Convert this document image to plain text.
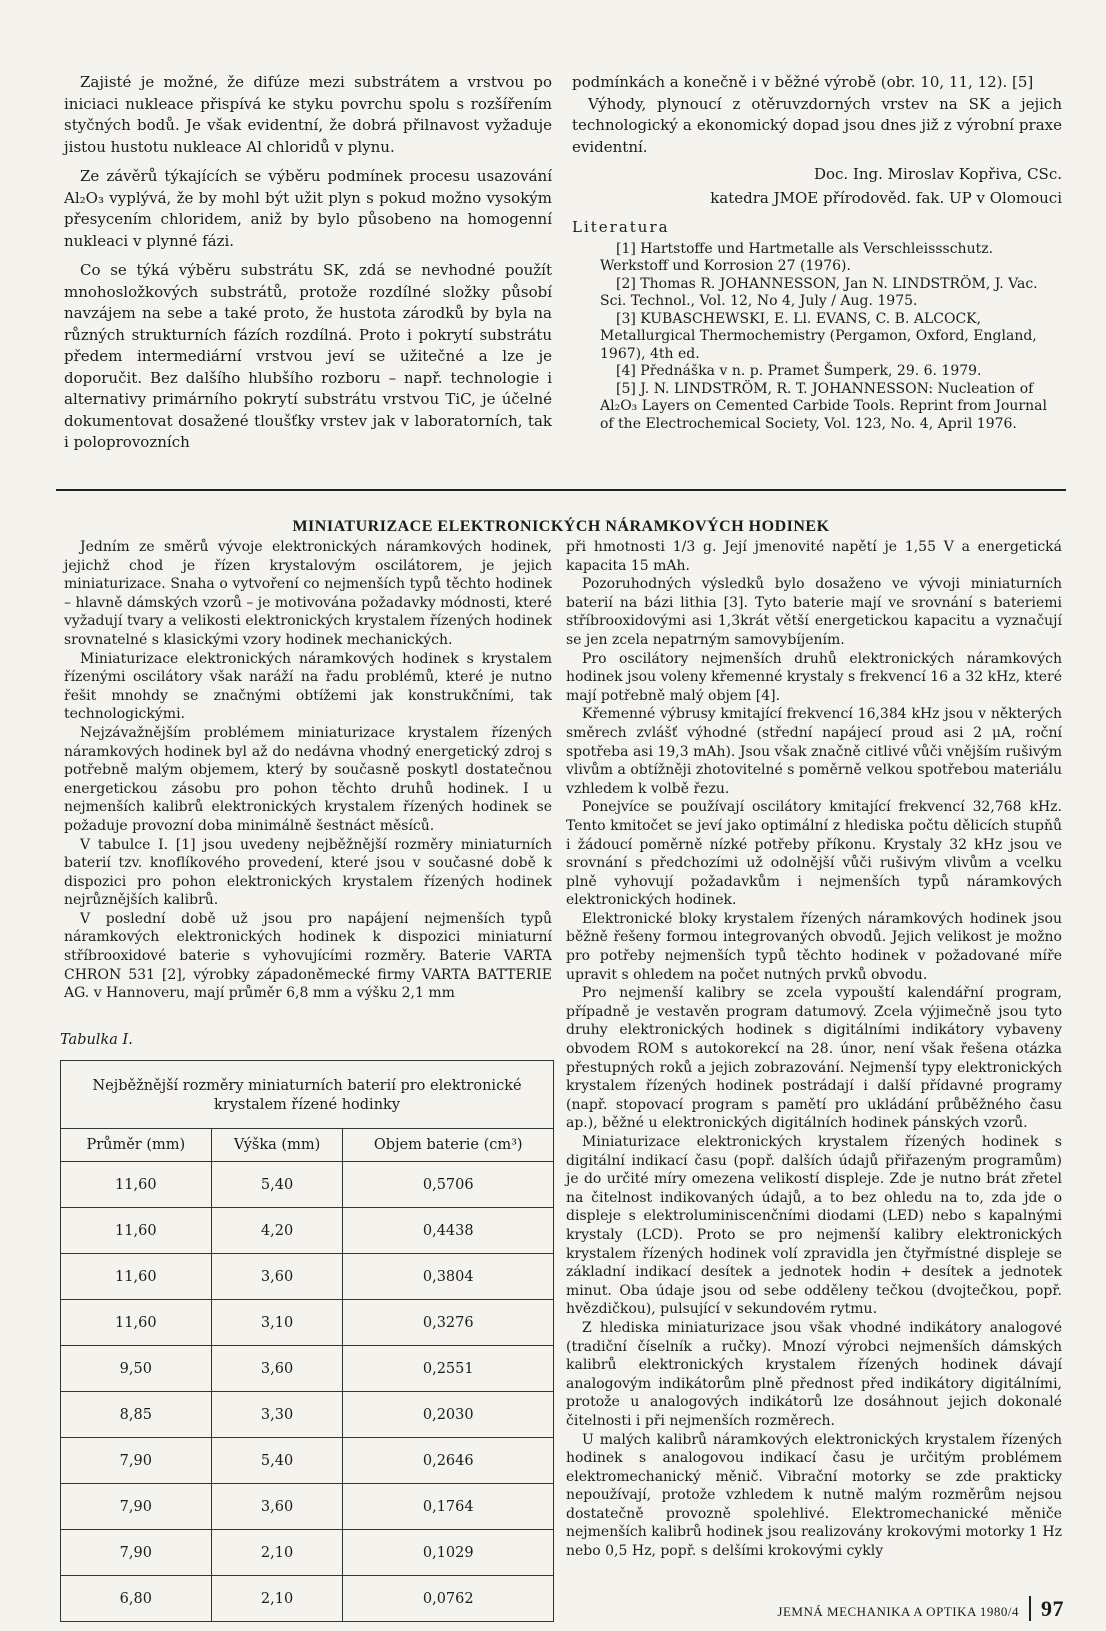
Zajisté je možné, že difúze mezi substrátem a vrstvou po iniciaci nukleace přispívá ke styku povrchu spolu s rozšířením styčných bodů. Je však evidentní, že dobrá přilnavost vyžaduje jistou hustotu nukleace Al chloridů v plynu.

Ze závěrů týkajících se výběru podmínek procesu usazování Al₂O₃ vyplývá, že by mohl být užit plyn s pokud možno vysokým přesycením chloridem, aniž by bylo působeno na homogenní nukleaci v plynné fázi.

Co se týká výběru substrátu SK, zdá se nevhodné použít mnohosložkových substrátů, protože rozdílné složky působí navzájem na sebe a také proto, že hustota zárodků by byla na různých strukturních fázích rozdílná. Proto i pokrytí substrátu předem intermediární vrstvou jeví se užitečné a lze je doporučit. Bez dalšího hlubšího rozboru – např. technologie i alternativy primárního pokrytí substrátu vrstvou TiC, je účelné dokumentovat dosažené tloušťky vrstev jak v laboratorních, tak i poloprovozních

podmínkách a konečně i v běžné výrobě (obr. 10, 11, 12). [5]

Výhody, plynoucí z otěruvzdorných vrstev na SK a jejich technologický a ekonomický dopad jsou dnes již z výrobní praxe evidentní.

Doc. Ing. Miroslav Kopřiva, CSc.
katedra JMOE přírodověd. fak. UP v Olomouci
Literatura

[1] Hartstoffe und Hartmetalle als Verschleissschutz. Werkstoff und Korrosion 27 (1976).

[2] Thomas R. JOHANNESSON, Jan N. LINDSTRÖM, J. Vac. Sci. Technol., Vol. 12, No 4, July / Aug. 1975.

[3] KUBASCHEWSKI, E. Ll. EVANS, C. B. ALCOCK, Metallurgical Thermochemistry (Pergamon, Oxford, England, 1967), 4th ed.

[4] Přednáška v n. p. Pramet Šumperk, 29. 6. 1979.

[5] J. N. LINDSTRÖM, R. T. JOHANNESSON: Nucleation of Al₂O₃ Layers on Cemented Carbide Tools. Reprint from Journal of the Electrochemical Society, Vol. 123, No. 4, April 1976.

MINIATURIZACE ELEKTRONICKÝCH NÁRAMKOVÝCH HODINEK

Jedním ze směrů vývoje elektronických náramkových hodinek, jejichž chod je řízen krystalovým oscilátorem, je jejich miniaturizace. Snaha o vytvoření co nejmenších typů těchto hodinek – hlavně dámských vzorů – je motivována požadavky módnosti, které vyžadují tvary a velikosti elektronických krystalem řízených hodinek srovnatelné s klasickými vzory hodinek mechanických.

Miniaturizace elektronických náramkových hodinek s krystalem řízenými oscilátory však naráží na řadu problémů, které je nutno řešit mnohdy se značnými obtížemi jak konstrukčními, tak technologickými.

Nejzávažnějším problémem miniaturizace krystalem řízených náramkových hodinek byl až do nedávna vhodný energetický zdroj s potřebně malým objemem, který by současně poskytl dostatečnou energetickou zásobu pro pohon těchto druhů hodinek. I u nejmenších kalibrů elektronických krystalem řízených hodinek se požaduje provozní doba minimálně šestnáct měsíců.

V tabulce I. [1] jsou uvedeny nejběžnější rozměry miniaturních baterií tzv. knoflíkového provedení, které jsou v současné době k dispozici pro pohon elektronických krystalem řízených hodinek nejrůznějších kalibrů.

V poslední době už jsou pro napájení nejmenších typů náramkových elektronických hodinek k dispozici miniaturní stříbrooxidové baterie s vyhovujícími rozměry. Baterie VARTA CHRON 531 [2], výrobky západoněmecké firmy VARTA BATTERIE AG. v Hannoveru, mají průměr 6,8 mm a výšku 2,1 mm

Tabulka I.
Nejběžnější rozměry miniaturních baterií pro elektronické krystalem řízené hodinky		
Průměr (mm)	Výška (mm)	Objem baterie (cm³)
11,60	5,40	0,5706
11,60	4,20	0,4438
11,60	3,60	0,3804
11,60	3,10	0,3276
9,50	3,60	0,2551
8,85	3,30	0,2030
7,90	5,40	0,2646
7,90	3,60	0,1764
7,90	2,10	0,1029
6,80	2,10	0,0762

při hmotnosti 1/3 g. Její jmenovité napětí je 1,55 V a energetická kapacita 15 mAh.

Pozoruhodných výsledků bylo dosaženo ve vývoji miniaturních baterií na bázi lithia [3]. Tyto baterie mají ve srovnání s bateriemi stříbrooxidovými asi 1,3krát větší energetickou kapacitu a vyznačují se jen zcela nepatrným samovybíjením.

Pro oscilátory nejmenších druhů elektronických náramkových hodinek jsou voleny křemenné krystaly s frekvencí 16 a 32 kHz, které mají potřebně malý objem [4].

Křemenné výbrusy kmitající frekvencí 16,384 kHz jsou v některých směrech zvlášť výhodné (střední napájecí proud asi 2 μA, roční spotřeba asi 19,3 mAh). Jsou však značně citlivé vůči vnějším rušivým vlivům a obtížněji zhotovitelné s poměrně velkou spotřebou materiálu vzhledem k volbě řezu.

Ponejvíce se používají oscilátory kmitající frekvencí 32,768 kHz. Tento kmitočet se jeví jako optimální z hlediska počtu dělicích stupňů i žádoucí poměrně nízké potřeby příkonu. Krystaly 32 kHz jsou ve srovnání s předchozími už odolnější vůči rušivým vlivům a vcelku plně vyhovují požadavkům i nejmenších typů náramkových elektronických hodinek.

Elektronické bloky krystalem řízených náramkových hodinek jsou běžně řešeny formou integrovaných obvodů. Jejich velikost je možno pro potřeby nejmenších typů těchto hodinek v požadované míře upravit s ohledem na počet nutných prvků obvodu.

Pro nejmenší kalibry se zcela vypouští kalendářní program, případně je vestavěn program datumový. Zcela výjimečně jsou tyto druhy elektronických hodinek s digitálními indikátory vybaveny obvodem ROM s autokorekcí na 28. únor, není však řešena otázka přestupných roků a jejich zobrazování. Nejmenší typy elektronických krystalem řízených hodinek postrádají i další přídavné programy (např. stopovací program s pamětí pro ukládání průběžného času ap.), běžné u elektronických digitálních hodinek pánských vzorů.

Miniaturizace elektronických krystalem řízených hodinek s digitální indikací času (popř. dalších údajů přiřazeným programům) je do určité míry omezena velikostí displeje. Zde je nutno brát zřetel na čitelnost indikovaných údajů, a to bez ohledu na to, zda jde o displeje s elektroluminiscenčními diodami (LED) nebo s kapalnými krystaly (LCD). Proto se pro nejmenší kalibry elektronických krystalem řízených hodinek volí zpravidla jen čtyřmístné displeje se základní indikací desítek a jednotek hodin + desítek a jednotek minut. Oba údaje jsou od sebe odděleny tečkou (dvojtečkou, popř. hvězdičkou), pulsující v sekundovém rytmu.

Z hlediska miniaturizace jsou však vhodné indikátory analogové (tradiční číselník a ručky). Mnozí výrobci nejmenších dámských kalibrů elektronických krystalem řízených hodinek dávají analogovým indikátorům plně přednost před indikátory digitálními, protože u analogových indikátorů lze dosáhnout jejich dokonalé čitelnosti i při nejmenších rozměrech.

U malých kalibrů náramkových elektronických krystalem řízených hodinek s analogovou indikací času je určitým problémem elektromechanický měnič. Vibrační motorky se zde prakticky nepoužívají, protože vzhledem k nutně malým rozměrům nejsou dostatečně provozně spolehlivé. Elektromechanické měniče nejmenších kalibrů hodinek jsou realizovány krokovými motorky 1 Hz nebo 0,5 Hz, popř. s delšími krokovými cykly

JEMNÁ MECHANIKA A OPTIKA 1980/4 97
